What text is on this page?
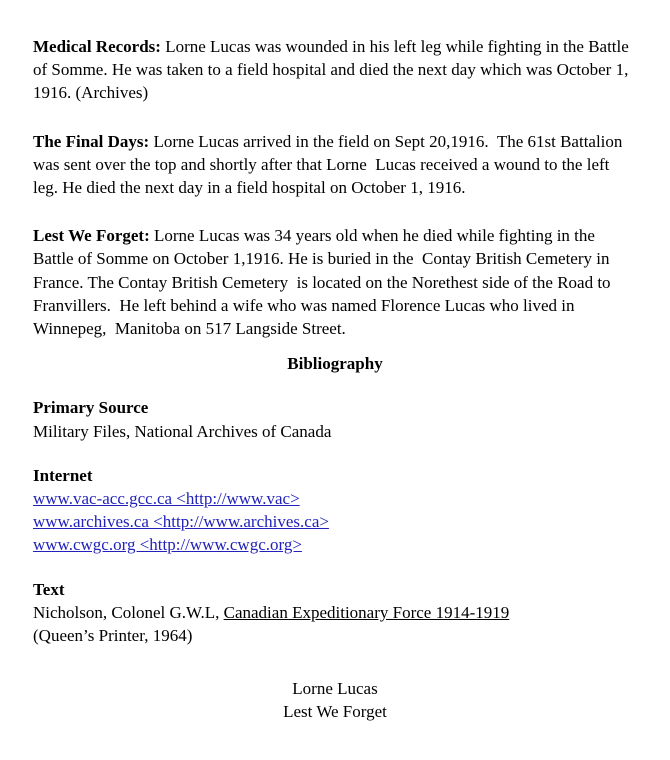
Medical Records: Lorne Lucas was wounded in his left leg while fighting in the Battle of Somme. He was taken to a field hospital and died the next day which was October 1, 1916. (Archives)

The Final Days: Lorne Lucas arrived in the field on Sept 20,1916.  The 61st Battalion was sent over the top and shortly after that Lorne  Lucas received a wound to the left leg. He died the next day in a field hospital on October 1, 1916.

Lest We Forget: Lorne Lucas was 34 years old when he died while fighting in the Battle of Somme on October 1,1916. He is buried in the  Contay British Cemetery in France. The Contay British Cemetery  is located on the Norethest side of the Road to Franvillers.  He left behind a wife who was named Florence Lucas who lived in Winnepeg,  Manitoba on 517 Langside Street.

Bibliography

Primary Source

Military Files, National Archives of Canada

Internet

www.vac-acc.gcc.ca <http://www.vac>
www.archives.ca <http://www.archives.ca>
www.cwgc.org <http://www.cwgc.org>

Text

Nicholson, Colonel G.W.L, Canadian Expeditionary Force 1914-1919

(Queen’s Printer, 1964)

Lorne Lucas

Lest We Forget
